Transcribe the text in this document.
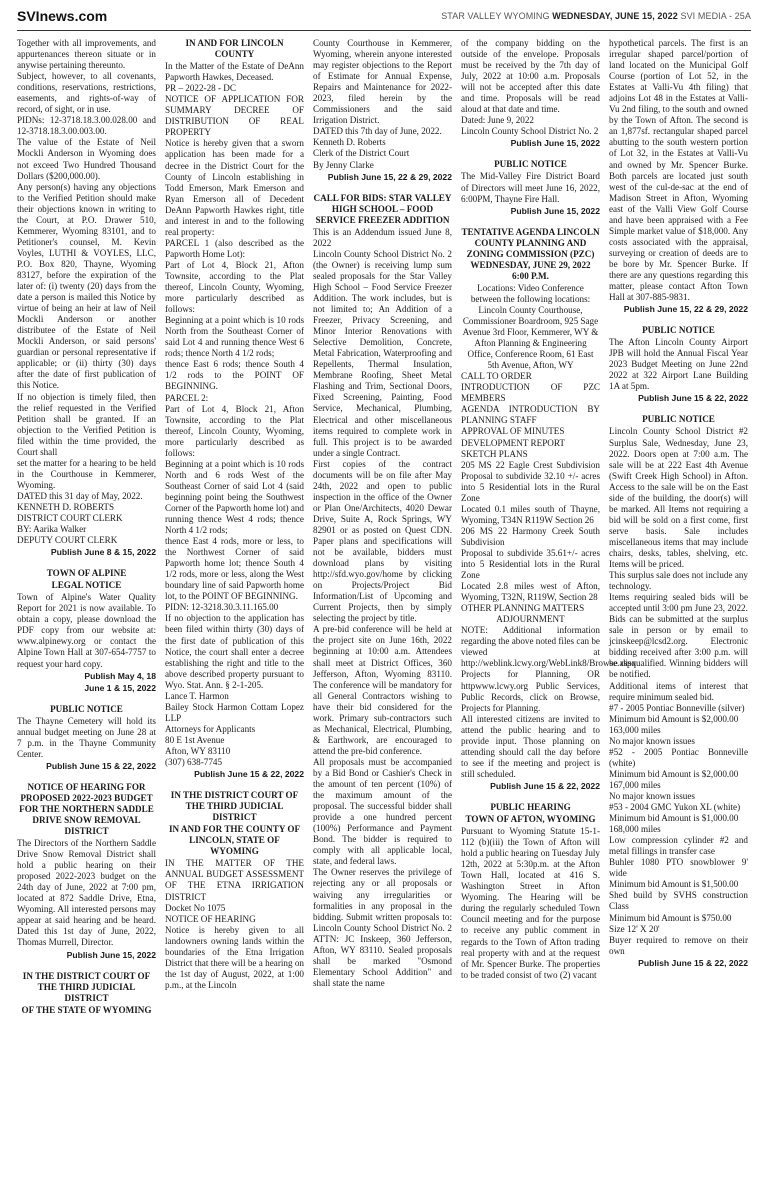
SVInews.com	STAR VALLEY WYOMING WEDNESDAY, JUNE 15, 2022 SVI MEDIA - 25A

Together with all improvements, and appurtenances thereon situate or in anywise pertaining thereunto.

Subject, however, to all covenants, conditions, reservations, restrictions, easements, and rights-of-way of record, of sight, or in use.

PIDNs: 12-3718.18.3.00.028.00 and 12-3718.18.3.00.003.00.

The value of the Estate of Neil Mockli Anderson in Wyoming does not exceed Two Hundred Thousand Dollars ($200,000.00).

Any person(s) having any objections to the Verified Petition should make their objections known in writing to the Court, at P.O. Drawer 510, Kemmerer, Wyoming 83101, and to Petitioner's counsel, M. Kevin Voyles, LUTHI & VOYLES, LLC, P.O. Box 820, Thayne, Wyoming 83127, before the expiration of the later of: (i) twenty (20) days from the date a person is mailed this Notice by virtue of being an heir at law of Neil Mockli Anderson or another distributee of the Estate of Neil Mockli Anderson, or said persons' guardian or personal representative if applicable; or (ii) thirty (30) days after the date of first publication of this Notice.

If no objection is timely filed, then the relief requested in the Verified Petition shall be granted. If an objection to the Verified Petition is filed within the time provided, the Court shall

set the matter for a hearing to be held in the Courthouse in Kemmerer, Wyoming.

DATED this 31 day of May, 2022.

KENNETH D. ROBERTS

DISTRICT COURT CLERK

BY: Aarika Walker

DEPUTY COURT CLERK

Publish June 8 & 15, 2022

TOWN OF ALPINE
LEGAL NOTICE

Town of Alpine's Water Quality Report for 2021 is now available. To obtain a copy, please download the PDF copy from our website at: www.alpinewy.org or contact the Alpine Town Hall at 307-654-7757 to request your hard copy.

Publish May 4, 18

June 1 & 15, 2022

PUBLIC NOTICE

The Thayne Cemetery will hold its annual budget meeting on June 28 at 7 p.m. in the Thayne Community Center.

Publish June 15 & 22, 2022

NOTICE OF HEARING FOR PROPOSED 2022-2023 BUDGET FOR THE NORTHERN SADDLE DRIVE SNOW REMOVAL DISTRICT

The Directors of the Northern Saddle Drive Snow Removal District shall hold a public hearing on their proposed 2022-2023 budget on the 24th day of June, 2022 at 7:00 pm, located at 872 Saddle Drive, Etna, Wyoming. All interested persons may appear at said hearing and be heard. Dated this 1st day of June, 2022, Thomas Murrell, Director.

Publish June 15, 2022

IN THE DISTRICT COURT OF THE THIRD JUDICIAL DISTRICT
OF THE STATE OF WYOMING
IN AND FOR LINCOLN COUNTY

In the Matter of the Estate of DeAnn Papworth Hawkes, Deceased.

PR – 2022-28 - DC

NOTICE OF APPLICATION FOR SUMMARY DECREE OF DISTRIBUTION OF REAL PROPERTY

Notice is hereby given that a sworn application has been made for a decree in the District Court for the County of Lincoln establishing in Todd Emerson, Mark Emerson and Ryan Emerson all of Decedent DeAnn Papworth Hawkes right, title and interest in and to the following real property:

PARCEL 1 (also described as the Papworth Home Lot):

Part of Lot 4, Block 21, Afton Townsite, according to the Plat thereof, Lincoln County, Wyoming, more particularly described as follows:

Beginning at a point which is 10 rods North from the Southeast Corner of said Lot 4 and running thence West 6 rods; thence North 4 1/2 rods;

thence East 6 rods; thence South 4 1/2 rods to the POINT OF BEGINNING.

PARCEL 2:

Part of Lot 4, Block 21, Afton Townsite, according to the Plat thereof, Lincoln County, Wyoming, more particularly described as follows:

Beginning at a point which is 10 rods North and 6 rods West of the Southeast Corner of said Lot 4 (said beginning point being the Southwest Corner of the Papworth home lot) and running thence West 4 rods; thence North 4 1/2 rods;

thence East 4 rods, more or less, to the Northwest Corner of said Papworth home lot; thence South 4 1/2 rods, more or less, along the West boundary line of said Papworth home lot, to the POINT OF BEGINNING.

PIDN: 12-3218.30.3.11.165.00

If no objection to the application has been filed within thirty (30) days of the first date of publication of this Notice, the court shall enter a decree establishing the right and title to the above described property pursuant to Wyo. Stat. Ann. § 2-1-205.

Lance T. Harmon

Bailey Stock Harmon Cottam Lopez LLP

Attorneys for Applicants

80 E 1st Avenue

Afton, WY 83110

(307) 638-7745

Publish June 15 & 22, 2022

IN THE DISTRICT COURT OF THE THIRD JUDICIAL DISTRICT
IN AND FOR THE COUNTY OF LINCOLN, STATE OF WYOMING

IN THE MATTER OF THE ANNUAL BUDGET ASSESSMENT OF THE ETNA IRRIGATION DISTRICT

Docket No 1075

NOTICE OF HEARING

Notice is hereby given to all landowners owning lands within the boundaries of the Etna Irrigation District that there will be a hearing on the 1st day of August, 2022, at 1:00 p.m., at the Lincoln

County Courthouse in Kemmerer, Wyoming, wherein anyone interested may register objections to the Report of Estimate for Annual Expense, Repairs and Maintenance for 2022-2023, filed herein by the Commissioners and the said Irrigation District.

DATED this 7th day of June, 2022.

Kenneth D. Roberts

Clerk of the District Court

By Jenny Clarke

Publish June 15, 22 & 29, 2022

CALL FOR BIDS: STAR VALLEY HIGH SCHOOL – FOOD SERVICE FREEZER ADDITION

This is an Addendum issued June 8, 2022

Lincoln County School District No. 2 (the Owner) is receiving lump sum sealed proposals for the Star Valley High School – Food Service Freezer Addition. The work includes, but is not limited to; An Addition of a Freezer, Privacy Screening, and Minor Interior Renovations with Selective Demolition, Concrete, Metal Fabrication, Waterproofing and Repellents, Thermal Insulation, Membrane Roofing, Sheet Metal Flashing and Trim, Sectional Doors, Fixed Screening, Painting, Food Service, Mechanical, Plumbing, Electrical and other miscellaneous items required to complete work in full. This project is to be awarded under a single Contract.

First copies of the contract documents will be on file after May 24th, 2022 and open to public inspection in the office of the Owner or Plan One/Architects, 4020 Dewar Drive, Suite A, Rock Springs, WY 82901 or as posted on Quest CDN. Paper plans and specifications will not be available, bidders must download plans by visiting http://sfd.wyo.gov/home by clicking on Projects/Project Bid Information/List of Upcoming and Current Projects, then by simply selecting the project by title.

A pre-bid conference will be held at the project site on June 16th, 2022 beginning at 10:00 a.m. Attendees shall meet at District Offices, 360 Jefferson, Afton, Wyoming 83110. The conference will be mandatory for all General Contractors wishing to have their bid considered for the work. Primary sub-contractors such as Mechanical, Electrical, Plumbing, & Earthwork, are encouraged to attend the pre-bid conference.

All proposals must be accompanied by a Bid Bond or Cashier's Check in the amount of ten percent (10%) of the maximum amount of the proposal. The successful bidder shall provide a one hundred percent (100%) Performance and Payment Bond. The bidder is required to comply with all applicable local, state, and federal laws.

The Owner reserves the privilege of rejecting any or all proposals or waiving any irregularities or formalities in any proposal in the bidding. Submit written proposals to: Lincoln County School District No. 2 ATTN: JC Inskeep, 360 Jefferson, Afton, WY 83110. Sealed proposals shall be marked "Osmond Elementary School Addition" and shall state the name

of the company bidding on the outside of the envelope. Proposals must be received by the 7th day of July, 2022 at 10:00 a.m. Proposals will not be accepted after this date and time. Proposals will be read aloud at that date and time.

Dated: June 9, 2022

Lincoln County School District No. 2

Publish June 15, 2022

PUBLIC NOTICE

The Mid-Valley Fire District Board of Directors will meet June 16, 2022, 6:00PM, Thayne Fire Hall.

Publish June 15, 2022

TENTATIVE AGENDA LINCOLN COUNTY PLANNING AND ZONING COMMISSION (PZC) WEDNESDAY, JUNE 29, 2022 6:00 P.M.

Locations: Video Conference between the following locations: Lincoln County Courthouse, Commissioner Boardroom, 925 Sage Avenue 3rd Floor, Kemmerer, WY & Afton Planning & Engineering Office, Conference Room, 61 East 5th Avenue, Afton, WY

CALL TO ORDER

INTRODUCTION OF PZC MEMBERS

AGENDA INTRODUCTION BY PLANNING STAFF

APPROVAL OF MINUTES

DEVELOPMENT REPORT

SKETCH PLANS

205 MS 22 Eagle Crest Subdivision Proposal to subdivide 32.10 +/- acres into 5 Residential lots in the Rural Zone

Located 0.1 miles south of Thayne, Wyoming, T34N R119W Section 26

206 MS 22 Harmony Creek South Subdivision

Proposal to subdivide 35.61+/- acres into 5 Residential lots in the Rural Zone

Located 2.8 miles west of Afton, Wyoming, T32N, R119W, Section 28

OTHER PLANNING MATTERS

ADJOURNMENT

NOTE: Additional information regarding the above noted files can be viewed at http://weblink.lcwy.org/WebLink8/Browse.aspx Projects for Planning, OR httpwww.lcwy.org Public Services, Public Records, click on Browse, Projects for Planning.

All interested citizens are invited to attend the public hearing and to provide input. Those planning on attending should call the day before to see if the meeting and project is still scheduled.

Publish June 15 & 22, 2022

PUBLIC HEARING
TOWN OF AFTON, WYOMING

Pursuant to Wyoming Statute 15-1-112 (b)(iii) the Town of Afton will hold a public hearing on Tuesday July 12th, 2022 at 5:30p.m. at the Afton Town Hall, located at 416 S. Washington Street in Afton Wyoming. The Hearing will be during the regularly scheduled Town Council meeting and for the purpose to receive any public comment in regards to the Town of Afton trading real property with and at the request of Mr. Spencer Burke. The properties to be traded consist of two (2) vacant

hypothetical parcels. The first is an irregular shaped parcel/portion of land located on the Municipal Golf Course (portion of Lot 52, in the Estates at Valli-Vu 4th filing) that adjoins Lot 48 in the Estates at Valli-Vu 2nd filing, to the south and owned by the Town of Afton. The second is an 1,877sf. rectangular shaped parcel abutting to the south western portion of Lot 32, in the Estates at Valli-Vu and owned by Mr. Spencer Burke. Both parcels are located just south west of the cul-de-sac at the end of Madison Street in Afton, Wyoming east of the Valli View Golf Course and have been appraised with a Fee Simple market value of $18,000. Any costs associated with the appraisal, surveying or creation of deeds are to be bore by Mr. Spencer Burke. If there are any questions regarding this matter, please contact Afton Town Hall at 307-885-9831.

Publish June 15, 22 & 29, 2022

PUBLIC NOTICE

The Afton Lincoln County Airport JPB will hold the Annual Fiscal Year 2023 Budget Meeting on June 22nd 2022 at 322 Airport Lane Building 1A at 5pm.

Publish June 15 & 22, 2022

PUBLIC NOTICE

Lincoln County School District #2 Surplus Sale, Wednesday, June 23, 2022. Doors open at 7:00 a.m. The sale will be at 222 East 4th Avenue (Swift Creek High School) in Afton. Access to the sale will be on the East side of the building, the door(s) will be marked. All Items not requiring a bid will be sold on a first come, first serve basis. Sale includes miscellaneous items that may include chairs, desks, tables, shelving, etc. Items will be priced.

This surplus sale does not include any technology.

Items requiring sealed bids will be accepted until 3:00 pm June 23, 2022.

Bids can be submitted at the surplus sale in person or by email to jcinskeep@lcsd2.org. Electronic bidding received after 3:00 p.m. will be disqualified. Winning bidders will be notified.

Additional items of interest that require minimum sealed bid.

#7 - 2005 Pontiac Bonneville (silver)

Minimum bid Amount is $2,000.00

163,000 miles

No major known issues

#52 - 2005 Pontiac Bonneville (white)

Minimum bid Amount is $2,000.00

167,000 miles

No major known issues

#53 - 2004 GMC Yukon XL (white)

Minimum bid Amount is $1,000.00

168,000 miles

Low compression cylinder #2 and metal fillings in transfer case

Buhler 1080 PTO snowblower 9' wide

Minimum bid Amount is $1,500.00

Shed build by SVHS construction Class

Minimum bid Amount is $750.00

Size 12' X 20'

Buyer required to remove on their own

Publish June 15 & 22, 2022
